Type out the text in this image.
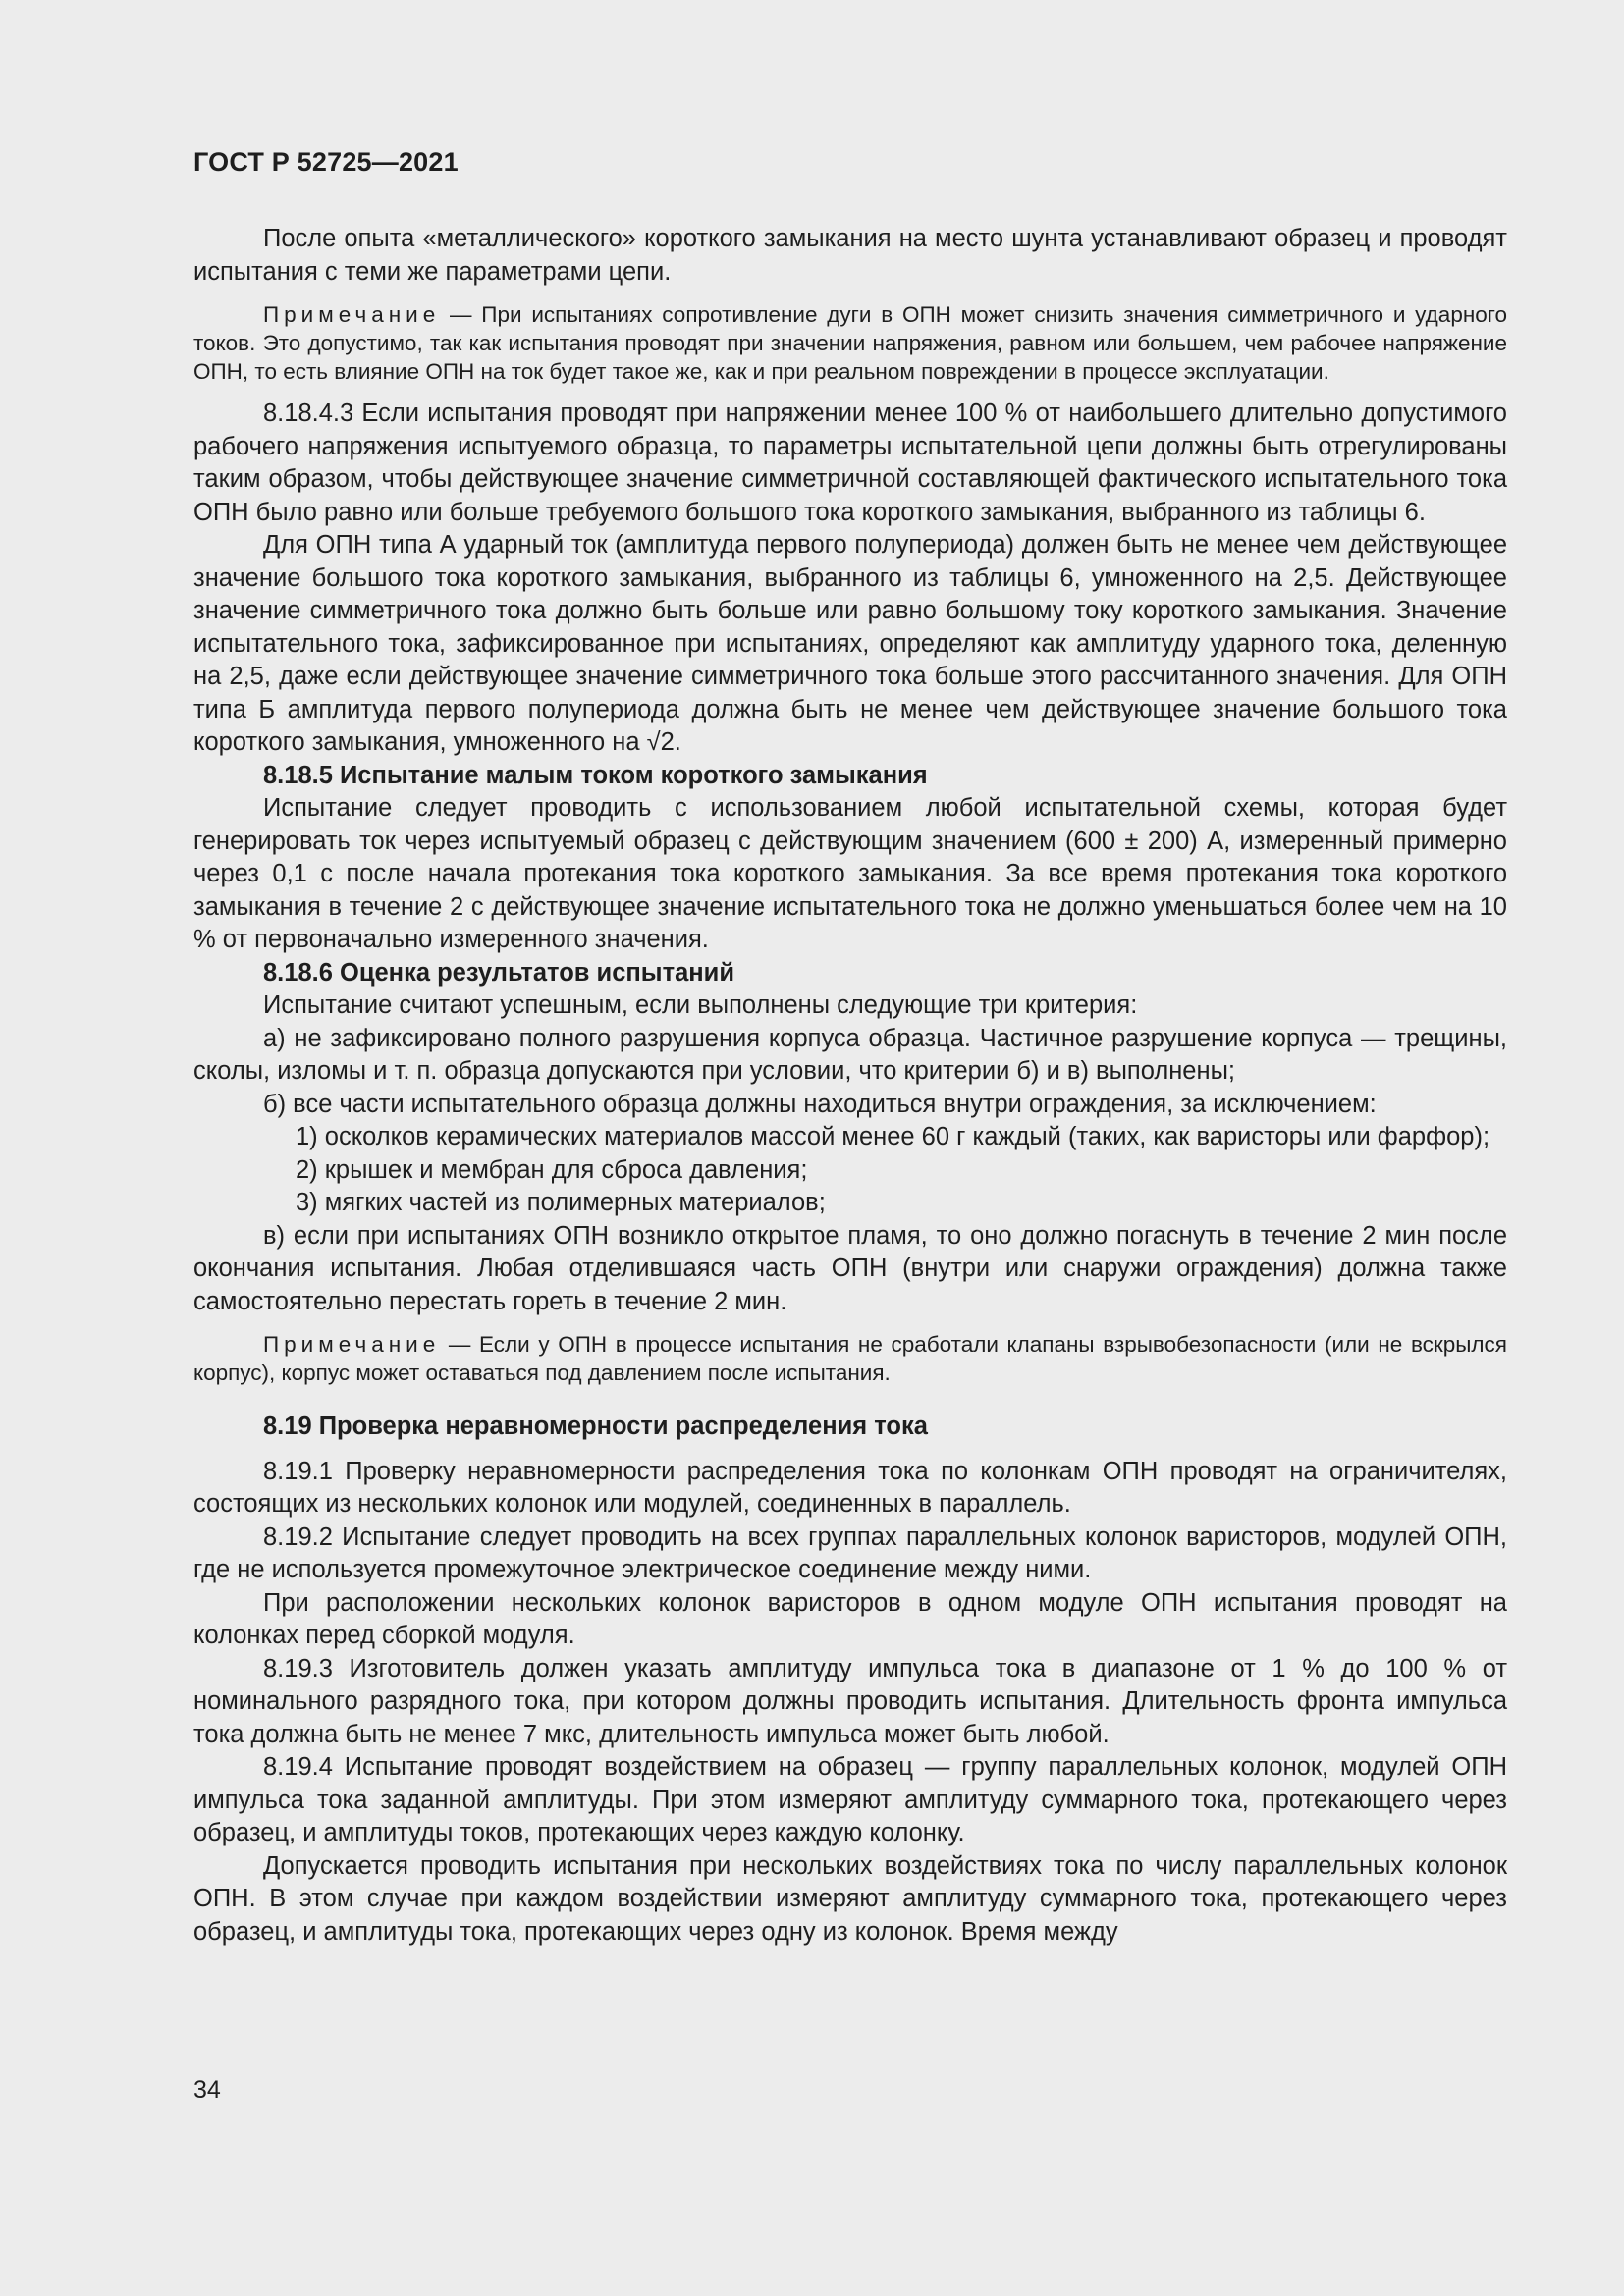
ГОСТ Р 52725—2021

После опыта «металлического» короткого замыкания на место шунта устанавливают образец и проводят испытания с теми же параметрами цепи.

Примечание — При испытаниях сопротивление дуги в ОПН может снизить значения симметричного и ударного токов. Это допустимо, так как испытания проводят при значении напряжения, равном или большем, чем рабочее напряжение ОПН, то есть влияние ОПН на ток будет такое же, как и при реальном повреждении в процессе эксплуатации.

8.18.4.3 Если испытания проводят при напряжении менее 100 % от наибольшего длительно допустимого рабочего напряжения испытуемого образца, то параметры испытательной цепи должны быть отрегулированы таким образом, чтобы действующее значение симметричной составляющей фактического испытательного тока ОПН было равно или больше требуемого большого тока короткого замыкания, выбранного из таблицы 6.

Для ОПН типа А ударный ток (амплитуда первого полупериода) должен быть не менее чем действующее значение большого тока короткого замыкания, выбранного из таблицы 6, умноженного на 2,5. Действующее значение симметричного тока должно быть больше или равно большому току короткого замыкания. Значение испытательного тока, зафиксированное при испытаниях, определяют как амплитуду ударного тока, деленную на 2,5, даже если действующее значение симметричного тока больше этого рассчитанного значения. Для ОПН типа Б амплитуда первого полупериода должна быть не менее чем действующее значение большого тока короткого замыкания, умноженного на √2.

8.18.5 Испытание малым током короткого замыкания

Испытание следует проводить с использованием любой испытательной схемы, которая будет генерировать ток через испытуемый образец с действующим значением (600 ± 200) А, измеренный примерно через 0,1 с после начала протекания тока короткого замыкания. За все время протекания тока короткого замыкания в течение 2 с действующее значение испытательного тока не должно уменьшаться более чем на 10 % от первоначально измеренного значения.

8.18.6 Оценка результатов испытаний

Испытание считают успешным, если выполнены следующие три критерия:

а) не зафиксировано полного разрушения корпуса образца. Частичное разрушение корпуса — трещины, сколы, изломы и т. п. образца допускаются при условии, что критерии б) и в) выполнены;

б) все части испытательного образца должны находиться внутри ограждения, за исключением:

1) осколков керамических материалов массой менее 60 г каждый (таких, как варисторы или фарфор);

2) крышек и мембран для сброса давления;

3) мягких частей из полимерных материалов;

в) если при испытаниях ОПН возникло открытое пламя, то оно должно погаснуть в течение 2 мин после окончания испытания. Любая отделившаяся часть ОПН (внутри или снаружи ограждения) должна также самостоятельно перестать гореть в течение 2 мин.

Примечание — Если у ОПН в процессе испытания не сработали клапаны взрывобезопасности (или не вскрылся корпус), корпус может оставаться под давлением после испытания.

8.19 Проверка неравномерности распределения тока

8.19.1 Проверку неравномерности распределения тока по колонкам ОПН проводят на ограничителях, состоящих из нескольких колонок или модулей, соединенных в параллель.

8.19.2 Испытание следует проводить на всех группах параллельных колонок варисторов, модулей ОПН, где не используется промежуточное электрическое соединение между ними.

При расположении нескольких колонок варисторов в одном модуле ОПН испытания проводят на колонках перед сборкой модуля.

8.19.3 Изготовитель должен указать амплитуду импульса тока в диапазоне от 1 % до 100 % от номинального разрядного тока, при котором должны проводить испытания. Длительность фронта импульса тока должна быть не менее 7 мкс, длительность импульса может быть любой.

8.19.4 Испытание проводят воздействием на образец — группу параллельных колонок, модулей ОПН импульса тока заданной амплитуды. При этом измеряют амплитуду суммарного тока, протекающего через образец, и амплитуды токов, протекающих через каждую колонку.

Допускается проводить испытания при нескольких воздействиях тока по числу параллельных колонок ОПН. В этом случае при каждом воздействии измеряют амплитуду суммарного тока, протекающего через образец, и амплитуды тока, протекающих через одну из колонок. Время между

34
